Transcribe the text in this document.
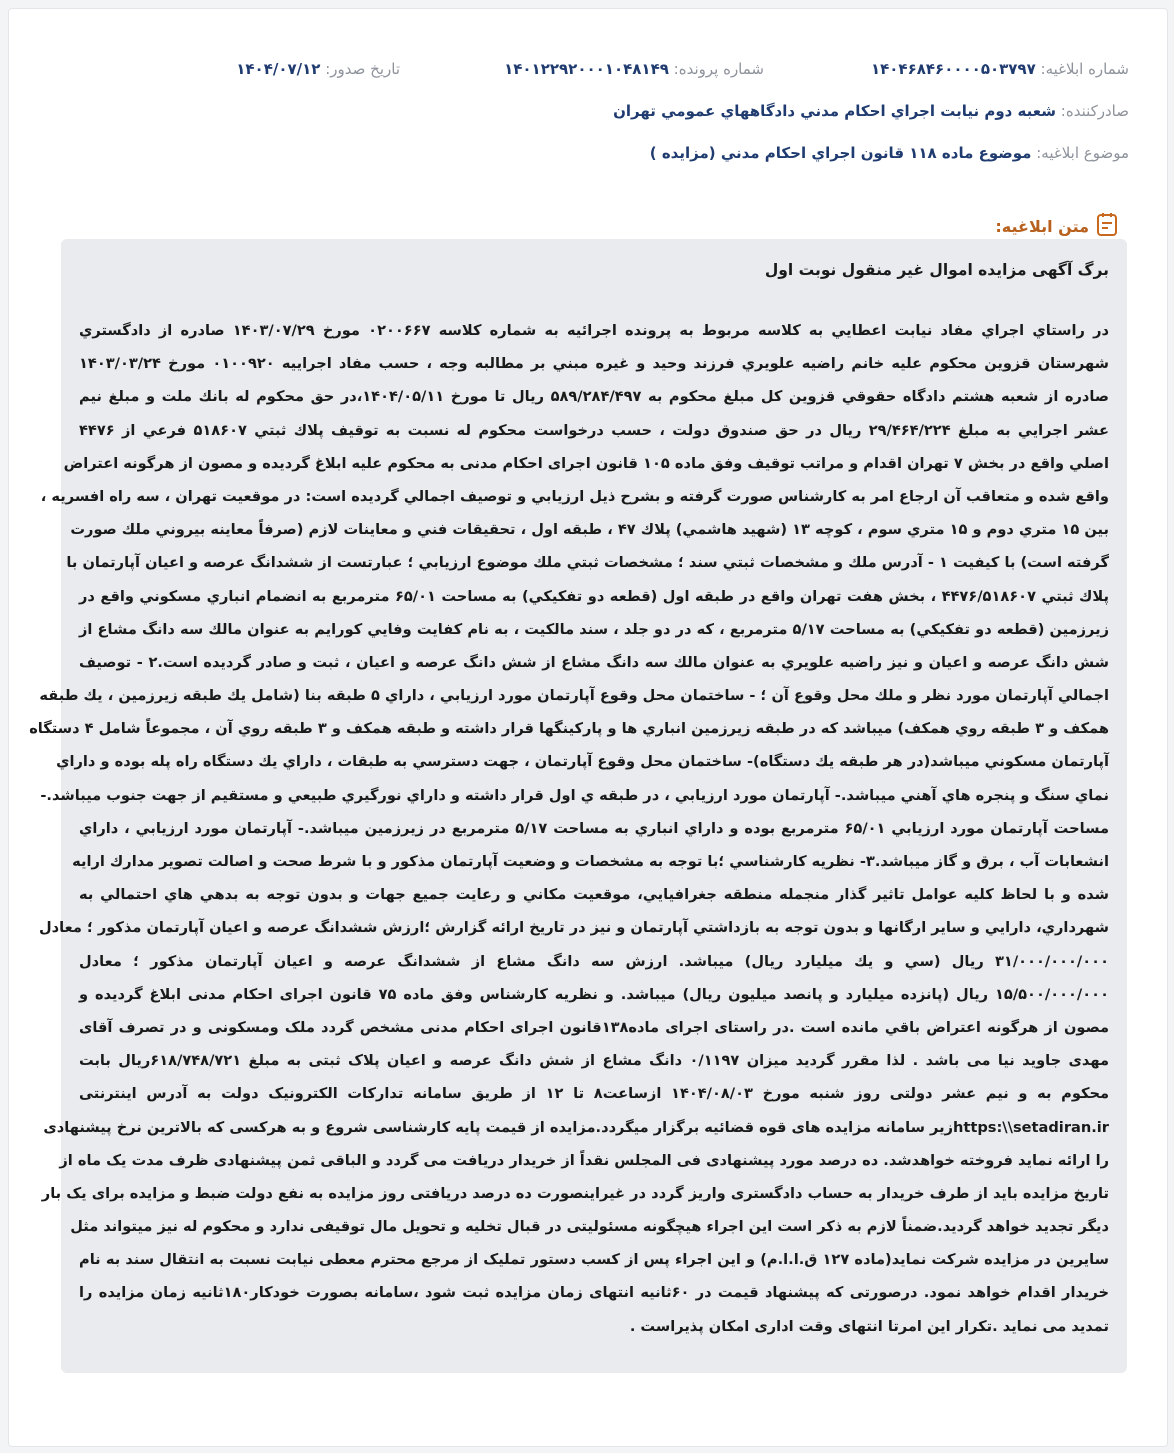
شماره ابلاغیه: ۱۴۰۴۶۸۴۶۰۰۰۰۵۰۳۷۹۷
شماره پرونده: ۱۴۰۱۲۲۹۲۰۰۰۱۰۴۸۱۴۹
تاریخ صدور: ۱۴۰۴/۰۷/۱۲
صادرکننده: شعبه دوم نيابت اجراي احكام مدني دادگاههاي عمومي تهران
موضوع ابلاغیه: موضوع ماده ۱۱۸ قانون اجراي احكام مدني (مزايده )
متن ابلاغیه:
برگ آگهی مزایده اموال غیر منقول نوبت اول
در راستاي اجراي مفاد نيابت اعطايي به كلاسه مربوط به پرونده اجرائيه به شماره كلاسه ۰۲۰۰۶۶۷ مورخ ۱۴۰۳/۰۷/۲۹ صادره از دادگستري
شهرستان قزوين محكوم عليه خانم راضيه علويري فرزند وحيد و غيره مبني بر مطالبه وجه ، حسب مفاد اجراييه ۰۱۰۰۹۲۰ مورخ ۱۴۰۳/۰۳/۲۴
صادره از شعبه هشتم دادگاه حقوقي قزوين كل مبلغ محكوم به ۵۸۹/۲۸۴/۴۹۷ ريال تا مورخ ۱۴۰۴/۰۵/۱۱،در حق محكوم له بانك ملت و مبلغ نيم
عشر اجرايي به مبلغ ۲۹/۴۶۴/۲۲۴ ريال در حق صندوق دولت ، حسب درخواست محكوم له نسبت به توقيف پلاك ثبتي ۵۱۸۶۰۷ فرعي از ۴۴۷۶
اصلي واقع در بخش ۷ تهران اقدام و مراتب توقيف وفق ماده ۱۰۵ قانون اجرای احکام مدنی به محکوم علیه ابلاغ گردیده و مصون از هرگونه اعتراض
واقع شده و متعاقب آن ارجاع امر به كارشناس صورت گرفته و بشرح ذيل ارزيابي و توصيف اجمالي گرديده است: در موقعيت تهران ، سه راه افسريه ،
بين ۱۵ متري دوم و ۱۵ متري سوم ، كوچه ۱۳ (شهيد هاشمي) پلاك ۴۷ ، طبقه اول ، تحقيقات فني و معاينات لازم (صرفاً معاينه بيروني ملك صورت
گرفته است) با كيفيت ۱ - آدرس ملك و مشخصات ثبتي سند ؛ مشخصات ثبتي ملك موضوع ارزيابي ؛ عبارتست از ششدانگ عرصه و اعيان آپارتمان با
پلاك ثبتي ۴۴۷۶/۵۱۸۶۰۷ ، بخش هفت تهران واقع در طبقه اول (قطعه دو تفكيكي) به مساحت ۶۵/۰۱ مترمربع به انضمام انباري مسكوني واقع در
زيرزمين (قطعه دو تفكيكي) به مساحت ۵/۱۷ مترمربع ، كه در دو جلد ، سند مالكيت ، به نام كفايت وفايي كورايم به عنوان مالك سه دانگ مشاع از
شش دانگ عرصه و اعيان و نيز راضيه علويري به عنوان مالك سه دانگ مشاع از شش دانگ عرصه و اعيان ، ثبت و صادر گرديده است.۲ - توصيف
اجمالي آپارتمان مورد نظر و ملك محل وقوع آن ؛ - ساختمان محل وقوع آپارتمان مورد ارزيابي ، داراي ۵ طبقه بنا (شامل يك طبقه زيرزمين ، يك طبقه
همكف و ۳ طبقه روي همكف) ميباشد كه در طبقه زيرزمين انباري ها و پاركينگها قرار داشته و طبقه همكف و ۳ طبقه روي آن ، مجموعاً شامل ۴ دستگاه
آپارتمان مسكوني ميباشد(در هر طبقه يك دستگاه)- ساختمان محل وقوع آپارتمان ، جهت دسترسي به طبقات ، داراي يك دستگاه راه پله بوده و داراي
نماي سنگ و پنجره هاي آهني ميباشد.- آپارتمان مورد ارزيابي ، در طبقه ي اول قرار داشته و داراي نورگيري طبيعي و مستقيم از جهت جنوب ميباشد.-
مساحت آپارتمان مورد ارزيابي ۶۵/۰۱ مترمربع بوده و داراي انباري به مساحت ۵/۱۷ مترمربع در زيرزمين ميباشد.- آپارتمان مورد ارزيابي ، داراي
انشعابات آب ، برق و گاز ميباشد.۳- نظريه كارشناسي ؛با توجه به مشخصات و وضعيت آپارتمان مذكور و با شرط صحت و اصالت تصوير مدارك ارايه
شده و با لحاظ كليه عوامل تاثير گذار منجمله منطقه جغرافيايي، موقعيت مكاني و رعايت جميع جهات و بدون توجه به بدهي هاي احتمالي به
شهرداري، دارايي و ساير ارگانها و بدون توجه به بازداشتي آپارتمان و نيز در تاريخ ارائه گزارش ؛ارزش ششدانگ عرصه و اعيان آپارتمان مذكور ؛ معادل
۳۱/۰۰۰/۰۰۰/۰۰۰ ريال (سي و يك ميليارد ريال) ميباشد. ارزش سه دانگ مشاع از ششدانگ عرصه و اعيان آپارتمان مذكور ؛ معادل
۱۵/۵۰۰/۰۰۰/۰۰۰ ريال (پانزده ميليارد و پانصد ميليون ريال) ميباشد. و نظريه كارشناس وفق ماده ۷۵ قانون اجرای احکام مدنی ابلاغ گردیده و
مصون از هرگونه اعتراض باقي مانده است .در راستای اجرای ماده۱۳۸قانون اجرای احکام مدنی مشخص گردد ملک ومسکونی و در تصرف آقای
مهدی جاوید نیا می باشد . لذا مقرر گردید میزان ۰/۱۱۹۷ دانگ مشاع از شش دانگ عرصه و اعیان پلاک ثبتی به مبلغ ۶۱۸/۷۴۸/۷۲۱ریال بابت
محکوم به و نیم عشر دولتی روز شنبه مورخ ۱۴۰۴/۰۸/۰۳ ازساعت۸ تا ۱۲ از طریق سامانه تدارکات الکترونیک دولت به آدرس اینترنتی
https:\\setadiran.irزیر سامانه مزایده های قوه قضائیه برگزار میگردد.مزایده از قیمت پایه کارشناسی شروع و به هرکسی که بالاترین نرخ پیشنهادی
را ارائه نماید فروخته خواهدشد. ده درصد مورد پیشنهادی فی المجلس نقداً از خریدار دریافت می گردد و الباقی ثمن پیشنهادی ظرف مدت یک ماه از
تاریخ مزایده باید از طرف خریدار به حساب دادگستری واریز گردد در غیراینصورت ده درصد دریافتی روز مزایده به نفع دولت ضبط و مزایده برای یک بار
دیگر تجدید خواهد گردید.ضمناً لازم به ذکر است این اجراء هیچگونه مسئولیتی در قبال تخلیه و تحویل مال توقیفی ندارد و محکوم له نیز میتواند مثل
سایرین در مزایده شرکت نماید(ماده ۱۲۷ ق.ا.ا.م) و این اجراء پس از کسب دستور تملیک از مرجع محترم معطی نیابت نسبت به انتقال سند به نام
خریدار اقدام خواهد نمود. درصورتی که پیشنهاد قیمت در ۶۰ثانیه انتهای زمان مزایده ثبت شود ،سامانه بصورت خودکار۱۸۰ثانیه زمان مزایده را
تمدید می نماید .تکرار این امرتا انتهای وقت اداری امکان پذیراست .
